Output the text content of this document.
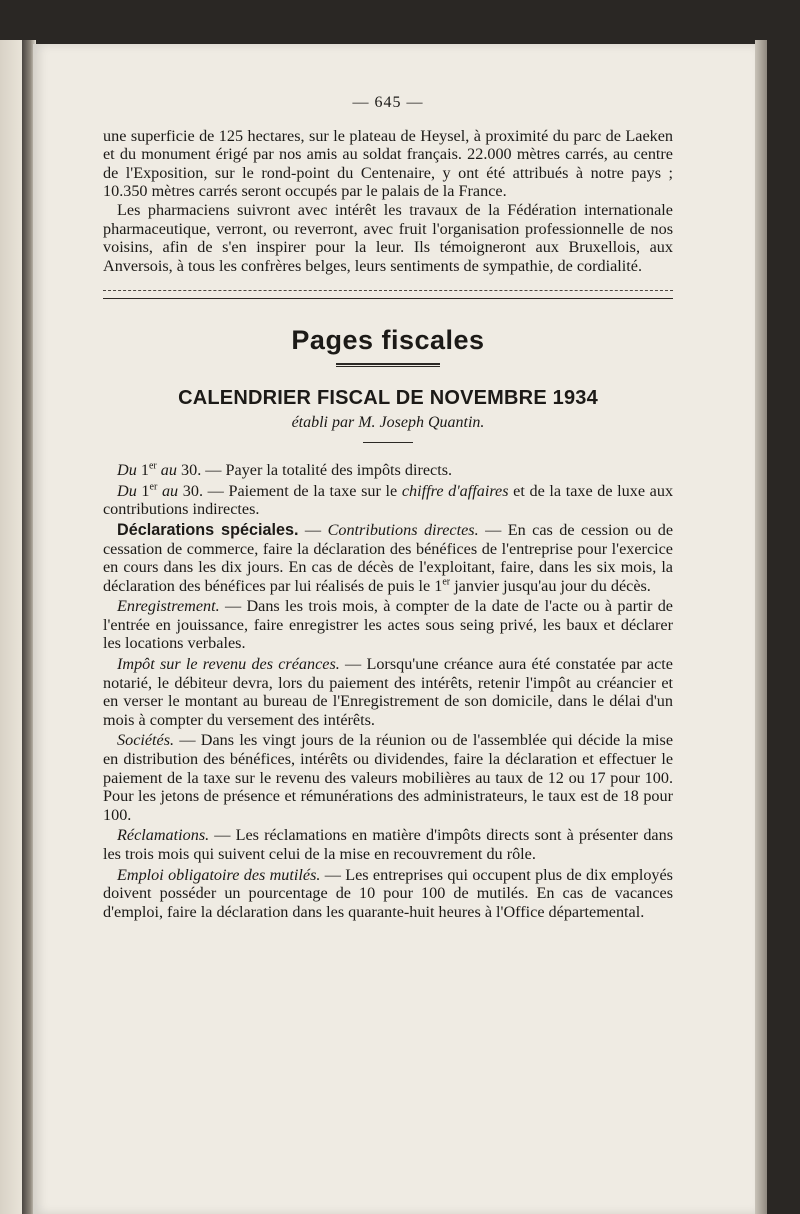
— 645 —

une superficie de 125 hectares, sur le plateau de Heysel, à proximité du parc de Laeken et du monument érigé par nos amis au soldat français. 22.000 mètres carrés, au centre de l'Exposition, sur le rond-point du Centenaire, y ont été attribués à notre pays ; 10.350 mètres carrés seront occupés par le palais de la France.

Les pharmaciens suivront avec intérêt les travaux de la Fédération internationale pharmaceutique, verront, ou reverront, avec fruit l'organisation professionnelle de nos voisins, afin de s'en inspirer pour la leur. Ils témoigneront aux Bruxellois, aux Anversois, à tous les confrères belges, leurs sentiments de sympathie, de cordialité.

Pages fiscales
CALENDRIER FISCAL DE NOVEMBRE 1934
établi par M. Joseph Quantin.

Du 1er au 30. — Payer la totalité des impôts directs.

Du 1er au 30. — Paiement de la taxe sur le chiffre d'affaires et de la taxe de luxe aux contributions indirectes.

Déclarations spéciales. — Contributions directes. — En cas de cession ou de cessation de commerce, faire la déclaration des bénéfices de l'entreprise pour l'exercice en cours dans les dix jours. En cas de décès de l'exploitant, faire, dans les six mois, la déclaration des bénéfices par lui réalisés de puis le 1er janvier jusqu'au jour du décès.

Enregistrement. — Dans les trois mois, à compter de la date de l'acte ou à partir de l'entrée en jouissance, faire enregistrer les actes sous seing privé, les baux et déclarer les locations verbales.

Impôt sur le revenu des créances. — Lorsqu'une créance aura été constatée par acte notarié, le débiteur devra, lors du paiement des intérêts, retenir l'impôt au créancier et en verser le montant au bureau de l'Enregistrement de son domicile, dans le délai d'un mois à compter du versement des intérêts.

Sociétés. — Dans les vingt jours de la réunion ou de l'assemblée qui décide la mise en distribution des bénéfices, intérêts ou dividendes, faire la déclaration et effectuer le paiement de la taxe sur le revenu des valeurs mobilières au taux de 12 ou 17 pour 100. Pour les jetons de présence et rémunérations des administrateurs, le taux est de 18 pour 100.

Réclamations. — Les réclamations en matière d'impôts directs sont à présenter dans les trois mois qui suivent celui de la mise en recouvrement du rôle.

Emploi obligatoire des mutilés. — Les entreprises qui occupent plus de dix employés doivent posséder un pourcentage de 10 pour 100 de mutilés. En cas de vacances d'emploi, faire la déclaration dans les quarante-huit heures à l'Office départemental.
